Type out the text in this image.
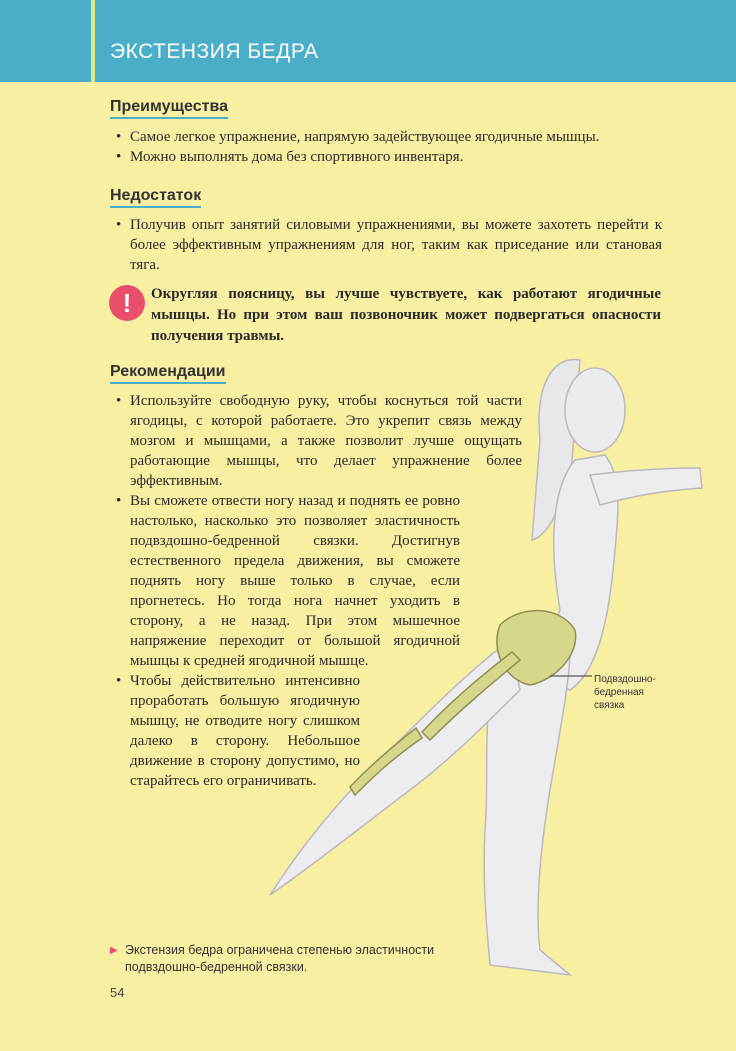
ЭКСТЕНЗИЯ БЕДРА
Преимущества
• Самое легкое упражнение, напрямую задействующее ягодичные мышцы.
• Можно выполнять дома без спортивного инвентаря.
Недостаток
• Получив опыт занятий силовыми упражнениями, вы можете захотеть перейти к более эффективным упражнениям для ног, таким как приседание или становая тяга.
!	Округляя поясницу, вы лучше чувствуете, как работают ягодичные мышцы. Но при этом ваш позвоночник может подвергаться опасности получения травмы.
Подвздошно-бедренная связка
• Используйте свободную руку, чтобы коснуться той части ягодицы, с которой работаете. Это укрепит связь между мозгом и мышцами, а также позволит лучше ощущать работающие мышцы, что делает упражнение более эффективным.
• Вы сможете отвести ногу назад и поднять ее ровно настолько, насколько это позволяет эластичность подвздошно-бедренной связки. Достигнув естественного предела движения, вы сможете поднять ногу выше только в случае, если прогнетесь. Но тогда нога начнет уходить в сторону, а не назад. При этом мышечное напряжение переходит от большой ягодичной мышцы к средней ягодичной мышце.
• Чтобы действительно интенсивно проработать большую ягодичную мышцу, не отводите ногу слишком далеко в сторону. Небольшое движение в сторону допустимо, но старайтесь его ограничивать.
Рекомендации
▶ Экстензия бедра ограничена степенью эластичности подвздошно-бедренной связки.
54
